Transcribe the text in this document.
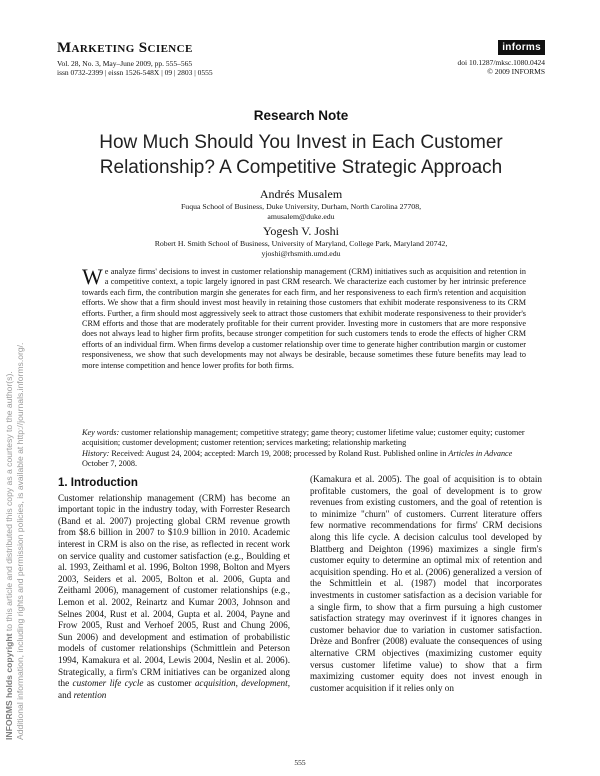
INFORMS holds copyright to this article and distributed this copy as a courtesy to the author(s). Additional information, including rights and permission policies, is available at http://journals.informs.org/.
Marketing Science
Vol. 28, No. 3, May–June 2009, pp. 555–565
issn 0732-2399 | eissn 1526-548X | 09 | 2803 | 0555
informs
doi 10.1287/mksc.1080.0424
© 2009 INFORMS
Research Note
How Much Should You Invest in Each Customer
Relationship? A Competitive Strategic Approach
Andrés Musalem
Fuqua School of Business, Duke University, Durham, North Carolina 27708,
amusalem@duke.edu
Yogesh V. Joshi
Robert H. Smith School of Business, University of Maryland, College Park, Maryland 20742,
yjoshi@rhsmith.umd.edu
We analyze firms' decisions to invest in customer relationship management (CRM) initiatives such as acquisition and retention in a competitive context, a topic largely ignored in past CRM research. We characterize each customer by her intrinsic preference towards each firm, the contribution margin she generates for each firm, and her responsiveness to each firm's retention and acquisition efforts. We show that a firm should invest most heavily in retaining those customers that exhibit moderate responsiveness to its CRM efforts. Further, a firm should most aggressively seek to attract those customers that exhibit moderate responsiveness to their provider's CRM efforts and those that are moderately profitable for their current provider. Investing more in customers that are more responsive does not always lead to higher firm profits, because stronger competition for such customers tends to erode the effects of higher CRM efforts of an individual firm. When firms develop a customer relationship over time to generate higher contribution margin or customer responsiveness, we show that such developments may not always be desirable, because sometimes these future benefits may lead to more intense competition and hence lower profits for both firms.
Key words: customer relationship management; competitive strategy; game theory; customer lifetime value; customer equity; customer acquisition; customer development; customer retention; services marketing; relationship marketing
History: Received: August 24, 2004; accepted: March 19, 2008; processed by Roland Rust. Published online in Articles in Advance October 7, 2008.
1. Introduction
Customer relationship management (CRM) has become an important topic in the industry today, with Forrester Research (Band et al. 2007) projecting global CRM revenue growth from $8.6 billion in 2007 to $10.9 billion in 2010. Academic interest in CRM is also on the rise, as reflected in recent work on service quality and customer satisfaction (e.g., Boulding et al. 1993, Zeithaml et al. 1996, Bolton 1998, Bolton and Myers 2003, Seiders et al. 2005, Bolton et al. 2006, Gupta and Zeithaml 2006), management of customer relationships (e.g., Lemon et al. 2002, Reinartz and Kumar 2003, Johnson and Selnes 2004, Rust et al. 2004, Gupta et al. 2004, Payne and Frow 2005, Rust and Verhoef 2005, Rust and Chung 2006, Sun 2006) and development and estimation of probabilistic models of customer relationships (Schmittlein and Peterson 1994, Kamakura et al. 2004, Lewis 2004, Neslin et al. 2006). Strategically, a firm's CRM initiatives can be organized along the customer life cycle as customer acquisition, development, and retention
(Kamakura et al. 2005). The goal of acquisition is to obtain profitable customers, the goal of development is to grow revenues from existing customers, and the goal of retention is to minimize "churn" of customers. Current literature offers few normative recommendations for firms' CRM decisions along this life cycle. A decision calculus tool developed by Blattberg and Deighton (1996) maximizes a single firm's customer equity to determine an optimal mix of retention and acquisition spending. Ho et al. (2006) generalized a version of the Schmittlein et al. (1987) model that incorporates investments in customer satisfaction as a decision variable for a single firm, to show that a firm pursuing a high customer satisfaction strategy may overinvest if it ignores changes in customer behavior due to variation in customer satisfaction. Drèze and Bonfrer (2008) evaluate the consequences of using alternative CRM objectives (maximizing customer equity versus customer lifetime value) to show that a firm maximizing customer equity does not invest enough in customer acquisition if it relies only on
555
